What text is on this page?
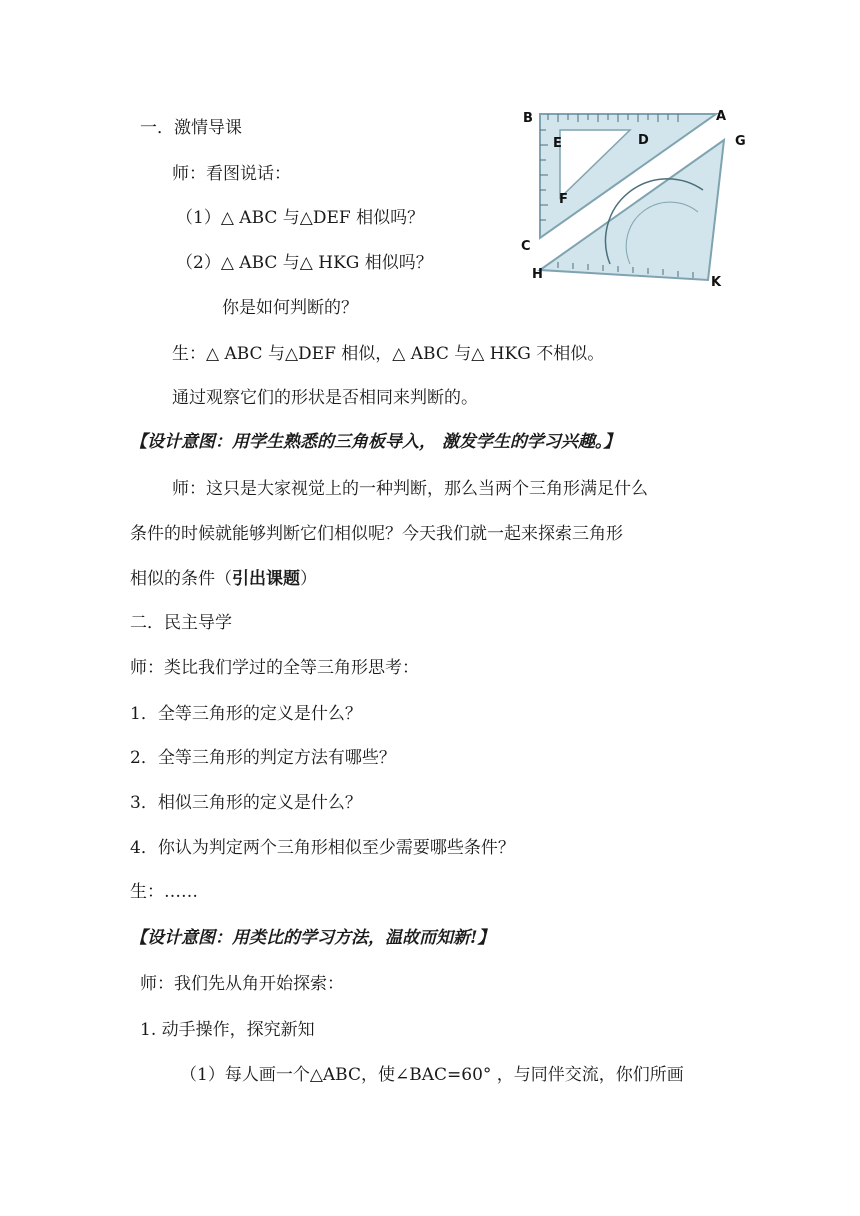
B	A
C
D
E
F
G
H
K
一．激情导课
师：看图说话：
（1）△ ABC 与△DEF 相似吗？
（2）△ ABC 与△ HKG 相似吗？
你是如何判断的？
生：△ ABC 与△DEF 相似，△ ABC 与△ HKG 不相似。
通过观察它们的形状是否相同来判断的。
【设计意图：用学生熟悉的三角板导入， 激发学生的学习兴趣。】
师：这只是大家视觉上的一种判断，那么当两个三角形满足什么
条件的时候就能够判断它们相似呢？今天我们就一起来探索三角形
相似的条件（引出课题）
二．民主导学
师：类比我们学过的全等三角形思考：
1．全等三角形的定义是什么？
2．全等三角形的判定方法有哪些？
3．相似三角形的定义是什么？
4．你认为判定两个三角形相似至少需要哪些条件？
生：……
【设计意图：用类比的学习方法，温故而知新!】
师：我们先从角开始探索：
1. 动手操作，探究新知
（1）每人画一个△ABC，使∠BAC=60° ，与同伴交流，你们所画
